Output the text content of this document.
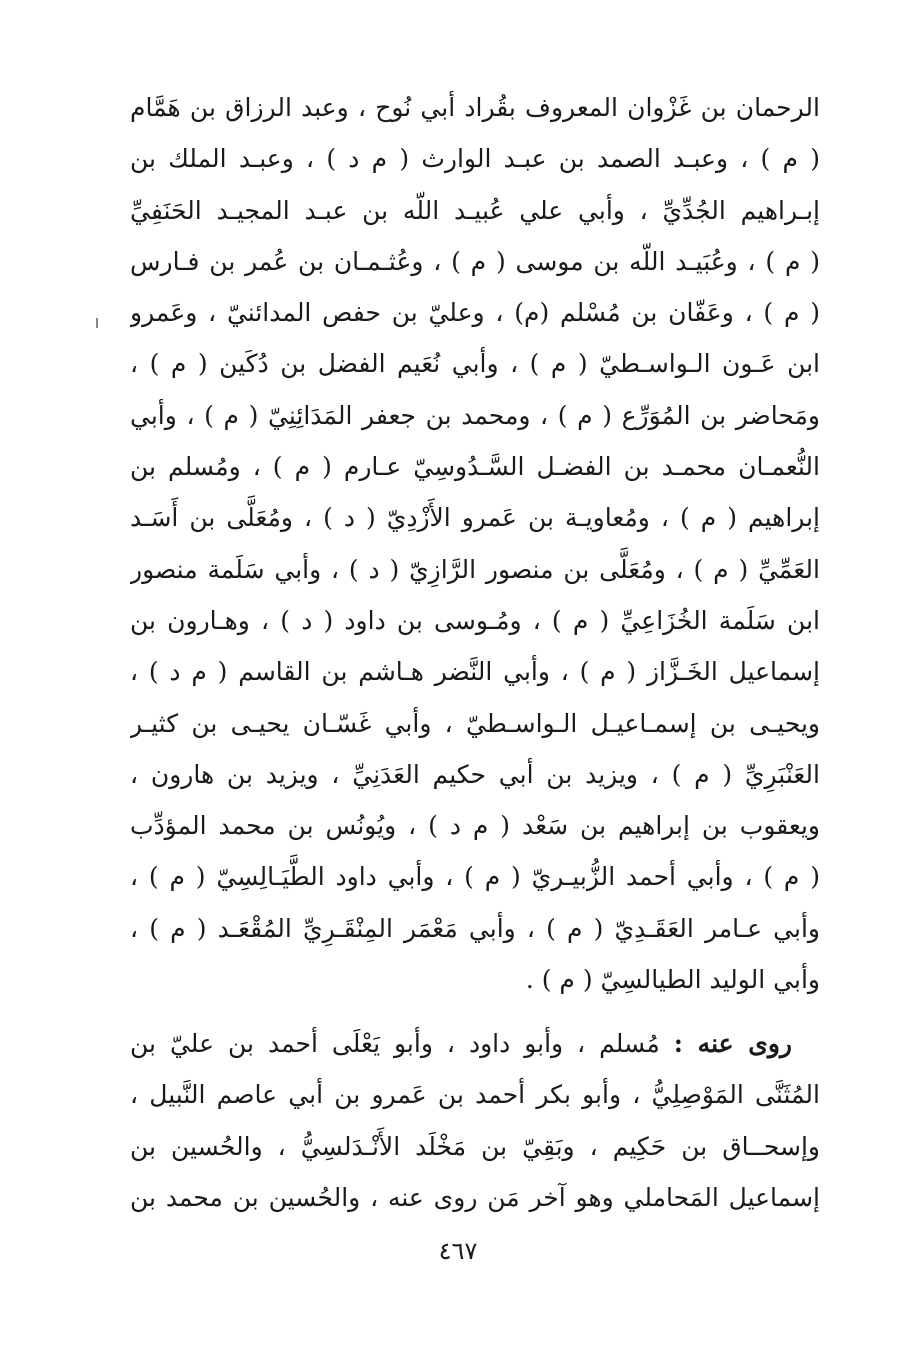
الرحمان بن غَزْوان المعروف بقُراد أبي نُوح ، وعبد الرزاق بن هَمَّام
( م ) ، وعبـد الصمد بن عبـد الوارث ( م د ) ، وعبـد الملك بن
إبـراهيم الجُدِّيِّ ، وأبي علي عُبيـد اللّه بن عبـد المجيـد الحَنَفِيِّ
( م ) ، وعُبَيـد اللّه بن موسى ( م ) ، وعُثـمـان بن عُمر بن فـارس
( م ) ، وعَفّان بن مُسْلم (م) ، وعليّ بن حفص المدائنيّ ، وعَمرو
ابن عَـون الـواسـطيّ ( م ) ، وأبي نُعَيم الفضل بن دُكَين ( م ) ،
ومَحاضر بن المُوَرِّع ( م ) ، ومحمد بن جعفر المَدَائِنِيّ ( م ) ، وأبي
النُّعمـان محمـد بن الفضـل السَّـدُوسِيّ عـارم ( م ) ، ومُسلم بن
إبراهيم ( م ) ، ومُعاويـة بن عَمرو الأَزْدِيّ ( د ) ، ومُعَلَّى بن أَسَـد
العَمِّيِّ ( م ) ، ومُعَلَّى بن منصور الرَّازِيّ ( د ) ، وأبي سَلَمة منصور
ابن سَلَمة الخُزَاعِيِّ ( م ) ، ومُـوسى بن داود ( د ) ، وهـارون بن
إسماعيل الخَـزَّاز ( م ) ، وأبي النَّضر هـاشم بن القاسم ( م د ) ،
ويحيـى بن إسمـاعيـل الـواسـطيّ ، وأبي غَسّـان يحيـى بن كثيـر
العَنْبَرِيِّ ( م ) ، ويزيد بن أبي حكيم العَدَنِيِّ ، ويزيد بن هارون ،
ويعقوب بن إبراهيم بن سَعْد ( م د ) ، ويُونُس بن محمد المؤدِّب
( م ) ، وأبي أحمد الزُّبيـريّ ( م ) ، وأبي داود الطَّيَـالِسِيّ ( م ) ،
وأبي عـامر العَقَـدِيّ ( م ) ، وأبي مَعْمَر المِنْقَـرِيِّ المُقْعَـد ( م ) ،
وأبي الوليد الطيالسِيّ ( م ) .
روى عنه : مُسلم ، وأبو داود ، وأبو يَعْلَى أحمد بن عليّ بن
المُثَنَّى المَوْصِلِيُّ ، وأبو بكر أحمد بن عَمرو بن أبي عاصم النَّبيل ،
وإسحــاق بن حَكِيم ، وبَقِيّ بن مَخْلَد الأَنْـدَلسِيُّ ، والحُسين بن
إسماعيل المَحاملي وهو آخر مَن روى عنه ، والحُسين بن محمد بن
٤٦٧
